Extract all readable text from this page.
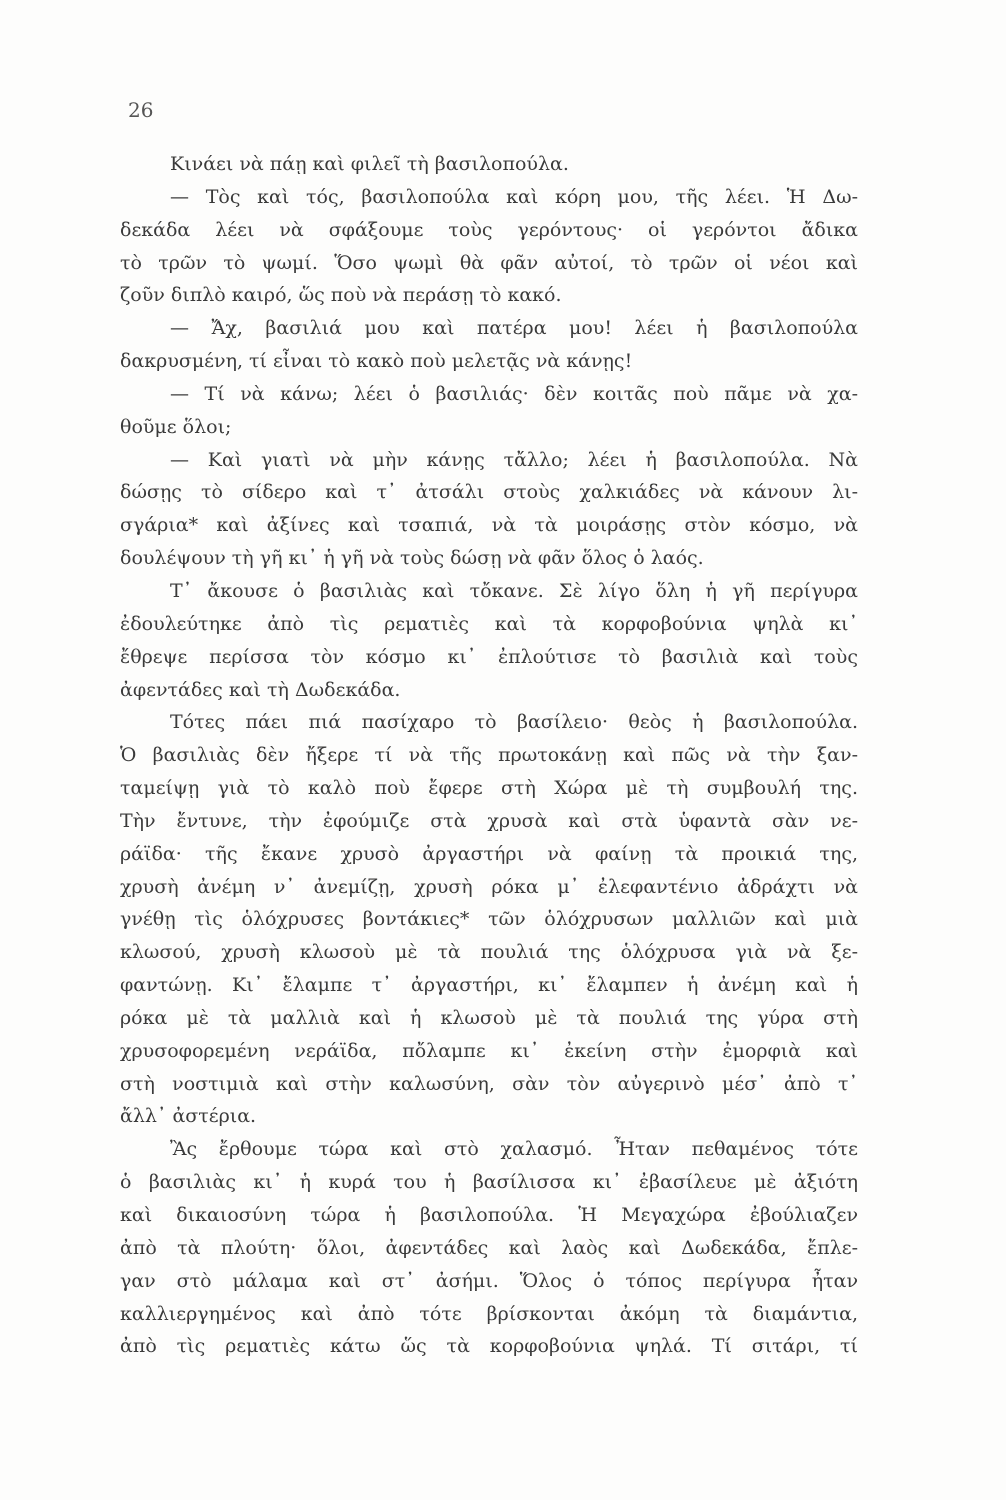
26
Κινάει νὰ πάῃ καὶ φιλεῖ τὴ βασιλοπούλα.
— Τὸς καὶ τός, βασιλοπούλα καὶ κόρη μου, τῆς λέει. Ἡ Δω-
δεκάδα λέει νὰ σφάξουμε τοὺς γερόντους· οἱ γερόντοι ἄδικα
τὸ τρῶν τὸ ψωμί. Ὅσο ψωμὶ θὰ φᾶν αὐτοί, τὸ τρῶν οἱ νέοι καὶ
ζοῦν διπλὸ καιρό, ὥς ποὺ νὰ περάσῃ τὸ κακό.
— Ἄχ, βασιλιά μου καὶ πατέρα μου! λέει ἡ βασιλοπούλα
δακρυσμένη, τί εἶναι τὸ κακὸ ποὺ μελετᾷς νὰ κάνῃς!
— Τί νὰ κάνω; λέει ὁ βασιλιάς· δὲν κοιτᾶς ποὺ πᾶμε νὰ χα-
θοῦμε ὅλοι;
— Καὶ γιατὶ νὰ μὴν κάνῃς τἄλλο; λέει ἡ βασιλοπούλα. Νὰ
δώσῃς τὸ σίδερο καὶ τ᾽ ἀτσάλι στοὺς χαλκιάδες νὰ κάνουν λι-
σγάρια* καὶ ἀξίνες καὶ τσαπιά, νὰ τὰ μοιράσῃς στὸν κόσμο, νὰ
δουλέψουν τὴ γῆ κι᾽ ἡ γῆ νὰ τοὺς δώσῃ νὰ φᾶν ὅλος ὁ λαός.
Τ᾽ ἄκουσε ὁ βασιλιὰς καὶ τὄκανε. Σὲ λίγο ὅλη ἡ γῆ περίγυρα
ἐδουλεύτηκε ἀπὸ τὶς ρεματιὲς καὶ τὰ κορφοβούνια ψηλὰ κι᾽
ἔθρεψε περίσσα τὸν κόσμο κι᾽ ἐπλούτισε τὸ βασιλιὰ καὶ τοὺς
ἀφεντάδες καὶ τὴ Δωδεκάδα.
Τότες πάει πιά πασίχαρο τὸ βασίλειο· θεὸς ἡ βασιλοπούλα.
Ὁ βασιλιὰς δὲν ἤξερε τί νὰ τῆς πρωτοκάνῃ καὶ πῶς νὰ τὴν ξαν-
ταμείψῃ γιὰ τὸ καλὸ ποὺ ἔφερε στὴ Χώρα μὲ τὴ συμβουλή της.
Τὴν ἔντυνε, τὴν ἐφούμιζε στὰ χρυσὰ καὶ στὰ ὑφαντὰ σὰν νε-
ράϊδα· τῆς ἔκανε χρυσὸ ἀργαστήρι νὰ φαίνῃ τὰ προικιά της,
χρυσὴ ἀνέμη ν᾽ ἀνεμίζῃ, χρυσὴ ρόκα μ᾽ ἐλεφαντένιο ἀδράχτι νὰ
γνέθῃ τὶς ὁλόχρυσες βοντάκιες* τῶν ὁλόχρυσων μαλλιῶν καὶ μιὰ
κλωσού, χρυσὴ κλωσοὺ μὲ τὰ πουλιά της ὁλόχρυσα γιὰ νὰ ξε-
φαντώνῃ. Κι᾽ ἔλαμπε τ᾽ ἀργαστήρι, κι᾽ ἔλαμπεν ἡ ἀνέμη καὶ ἡ
ρόκα μὲ τὰ μαλλιὰ καὶ ἡ κλωσοὺ μὲ τὰ πουλιά της γύρα στὴ
χρυσοφορεμένη νεράϊδα, πὄλαμπε κι᾽ ἐκείνη στὴν ἐμορφιὰ καὶ
στὴ νοστιμιὰ καὶ στὴν καλωσύνη, σὰν τὸν αὐγερινὸ μέσ᾽ ἀπὸ τ᾽
ἄλλ᾽ ἀστέρια.
Ἂς ἔρθουμε τώρα καὶ στὸ χαλασμό. Ἦταν πεθαμένος τότε
ὁ βασιλιὰς κι᾽ ἡ κυρά του ἡ βασίλισσα κι᾽ ἐβασίλευε μὲ ἀξιότη
καὶ δικαιοσύνη τώρα ἡ βασιλοπούλα. Ἡ Μεγαχώρα ἐβούλιαζεν
ἀπὸ τὰ πλούτη· ὅλοι, ἀφεντάδες καὶ λαὸς καὶ Δωδεκάδα, ἔπλε-
γαν στὸ μάλαμα καὶ στ᾽ ἀσήμι. Ὅλος ὁ τόπος περίγυρα ἦταν
καλλιεργημένος καὶ ἀπὸ τότε βρίσκονται ἀκόμη τὰ διαμάντια,
ἀπὸ τὶς ρεματιὲς κάτω ὥς τὰ κορφοβούνια ψηλά. Τί σιτάρι, τί
